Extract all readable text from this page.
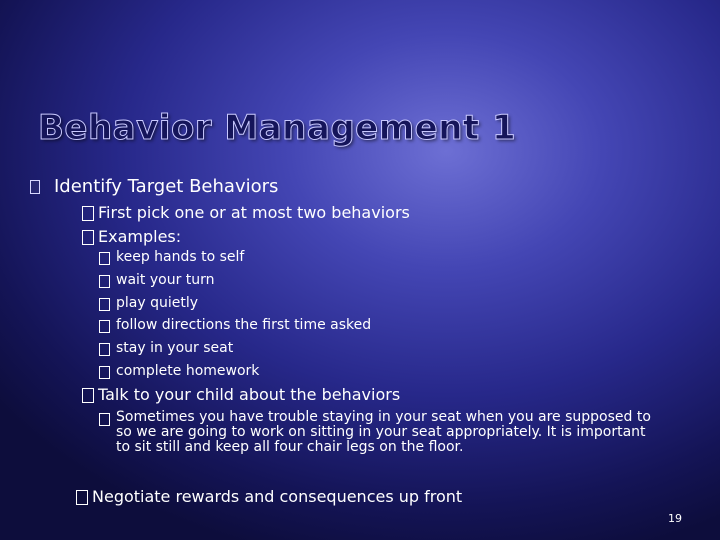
Behavior Management 1
Identify Target Behaviors
First pick one or at most two behaviors
Examples:
keep hands to self
wait your turn
play quietly
follow directions the first time asked
stay in your seat
complete homework
Talk to your child about the behaviors
Sometimes you have trouble staying in your seat when you are supposed to so we are going to work on sitting in your seat appropriately. It is important to sit still and keep all four chair legs on the floor.
Negotiate rewards and consequences up front
19
